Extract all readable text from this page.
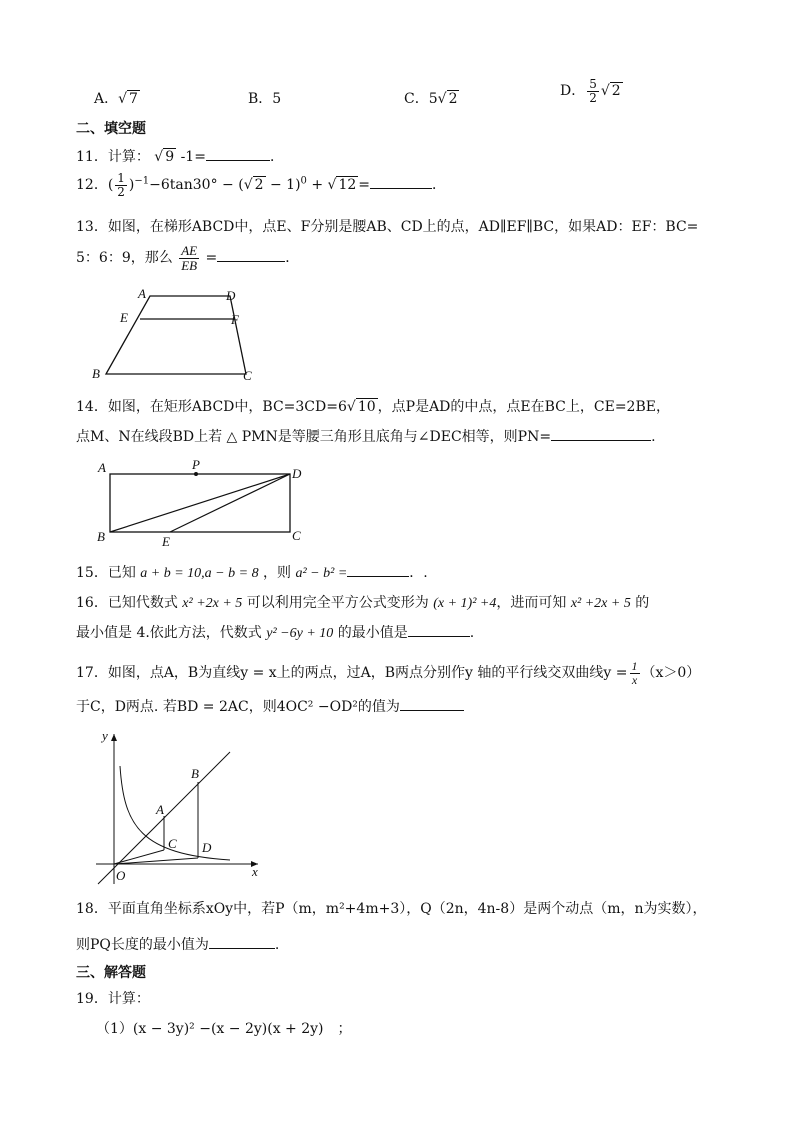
A．√ 7	B．5	C．5√ 2	D． $\frac{5}{2}$ √ 2
二、填空题
11．计算： √ 9 -1=	．
12．( $\frac{1}{2} )^{-1}-6\tan 30^\circ$ − (√ 2 − 1)$^0$ + √ 12 =	．
13．如图，在梯形ABCD中，点E、F分别是腰AB、CD上的点，AD∥EF∥BC，如果AD：EF：BC=
5：6：9，那么 $\frac{AE}{EB}$ =	．
A	D
E	F
B	C
14．如图，在矩形ABCD中，BC=3CD=6√ 10 ，点P是AD的中点，点E在BC上，CE=2BE，
点M、N在线段BD上若 △ PMN是等腰三角形且底角与∠DEC相等，则PN=	.
A	P
D
B	E	C
15．已知 a + b = 10,a − b = 8 ，则 a² − b² =	．.
16．已知代数式 x² +2x + 5 可以利用完全平方公式变形为 (x + 1)² +4，进而可知 x² +2x + 5 的
最小值是 4.依此方法，代数式 y² −6y + 10 的最小值是	.
17．如图，点A，B为直线y = x上的两点，过A，B两点分别作y 轴的平行线交双曲线$y = \frac{1}{x} (x>0)$
于C，D两点. 若BD = 2AC，则4OC² −OD²的值为
y
x
O
A
B
C D
18．平面直角坐标系xOy中，若P（m，m²+4m+3），Q（2n，4n-8）是两个动点（m，n为实数），
则PQ长度的最小值为	.
三、解答题
19．计算：
（1）(x − 3y)² −(x − 2y)(x + 2y)　；
